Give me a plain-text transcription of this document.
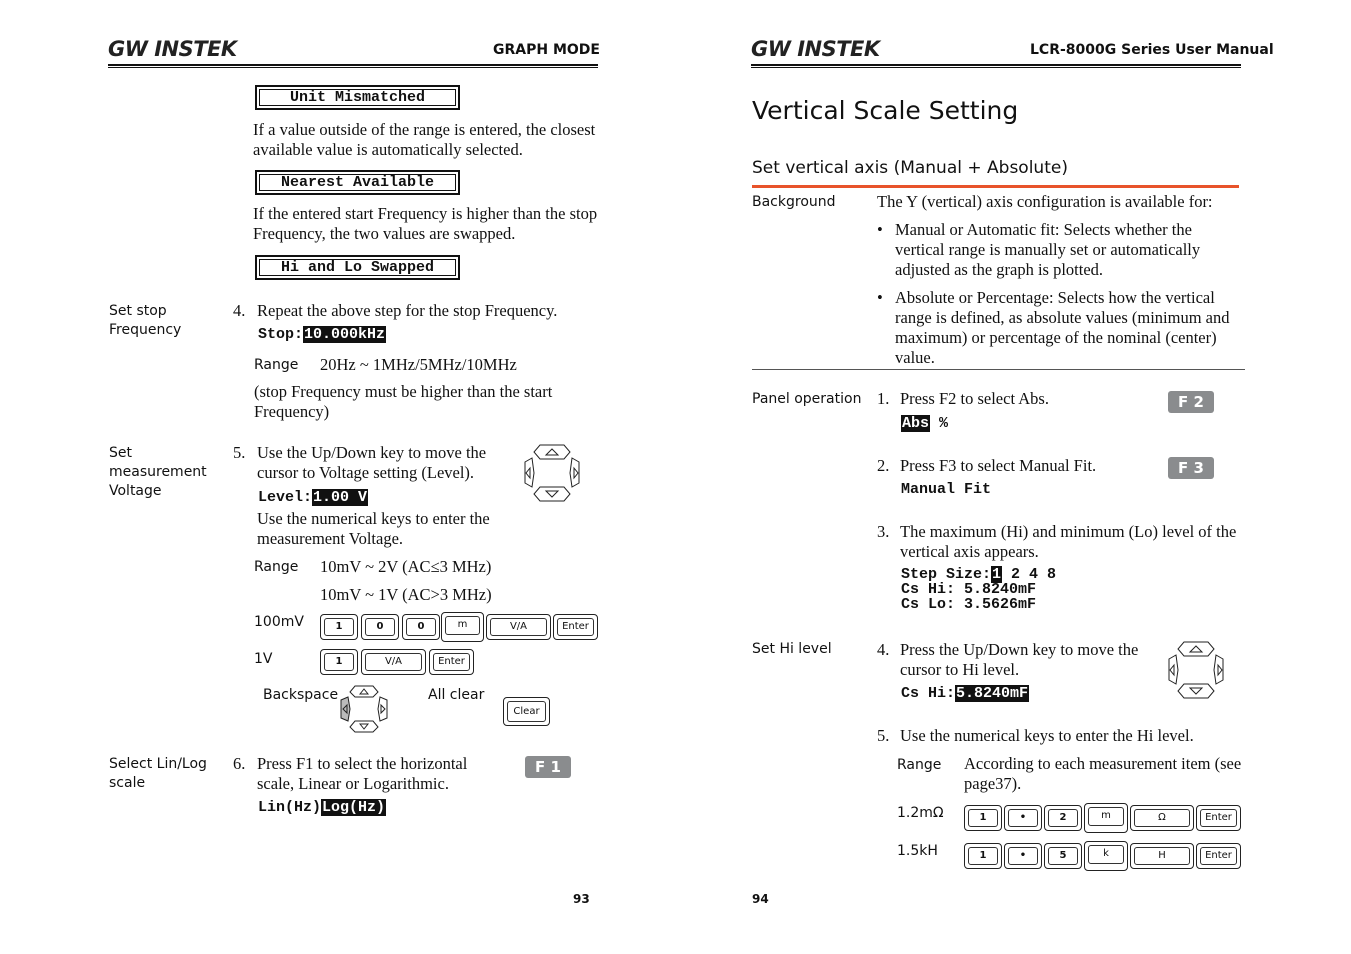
GW INSTEK	GRAPH MODE
Unit Mismatched
If a value outside of the range is entered, the closest available value is automatically selected.
Nearest Available
If the entered start Frequency is higher than the stop Frequency, the two values are swapped.
Hi and Lo Swapped
Set stop Frequency
4. Repeat the above step for the stop Frequency.
Stop:10.000kHz
Range 20Hz ~ 1MHz/5MHz/10MHz
(stop Frequency must be higher than the start Frequency)
Set measurement Voltage
5. Use the Up/Down key to move the cursor to Voltage setting (Level).
Level:1.00 V
Use the numerical keys to enter the measurement Voltage.
Range 10mV ~ 2V (AC≤3 MHz)
10mV ~ 1V (AC>3 MHz)
100mV	1	0	0	m	V/A	Enter
1V	1	V/A	Enter
Backspace	All clear
Clear
Select Lin/Log scale
6. Press F1 to select the horizontal scale, Linear or Logarithmic.
F 1
Lin(Hz)Log(Hz)
93
GW INSTEK	LCR-8000G Series User Manual
Vertical Scale Setting
Set vertical axis (Manual + Absolute)
Background	The Y (vertical) axis configuration is available for:
• Manual or Automatic fit: Selects whether the vertical range is manually set or automatically adjusted as the graph is plotted.
• Absolute or Percentage: Selects how the vertical range is defined, as absolute values (minimum and maximum) or percentage of the nominal (center) value.
Panel operation 1. Press F2 to select Abs.	F 2
Abs %
2. Press F3 to select Manual Fit.	F 3
Manual Fit
3. The maximum (Hi) and minimum (Lo) level of the vertical axis appears.
Step Size:1 2 4 8
Cs Hi: 5.8240mF
Cs Lo: 3.5626mF
Set Hi level	4. Press the Up/Down key to move the cursor to Hi level.
Cs Hi:5.8240mF
5. Use the numerical keys to enter the Hi level.
Range According to each measurement item (see page37).
1.2mΩ	1	•	2	m	Ω	Enter
1.5kH	1	•	5	k	H	Enter
94
